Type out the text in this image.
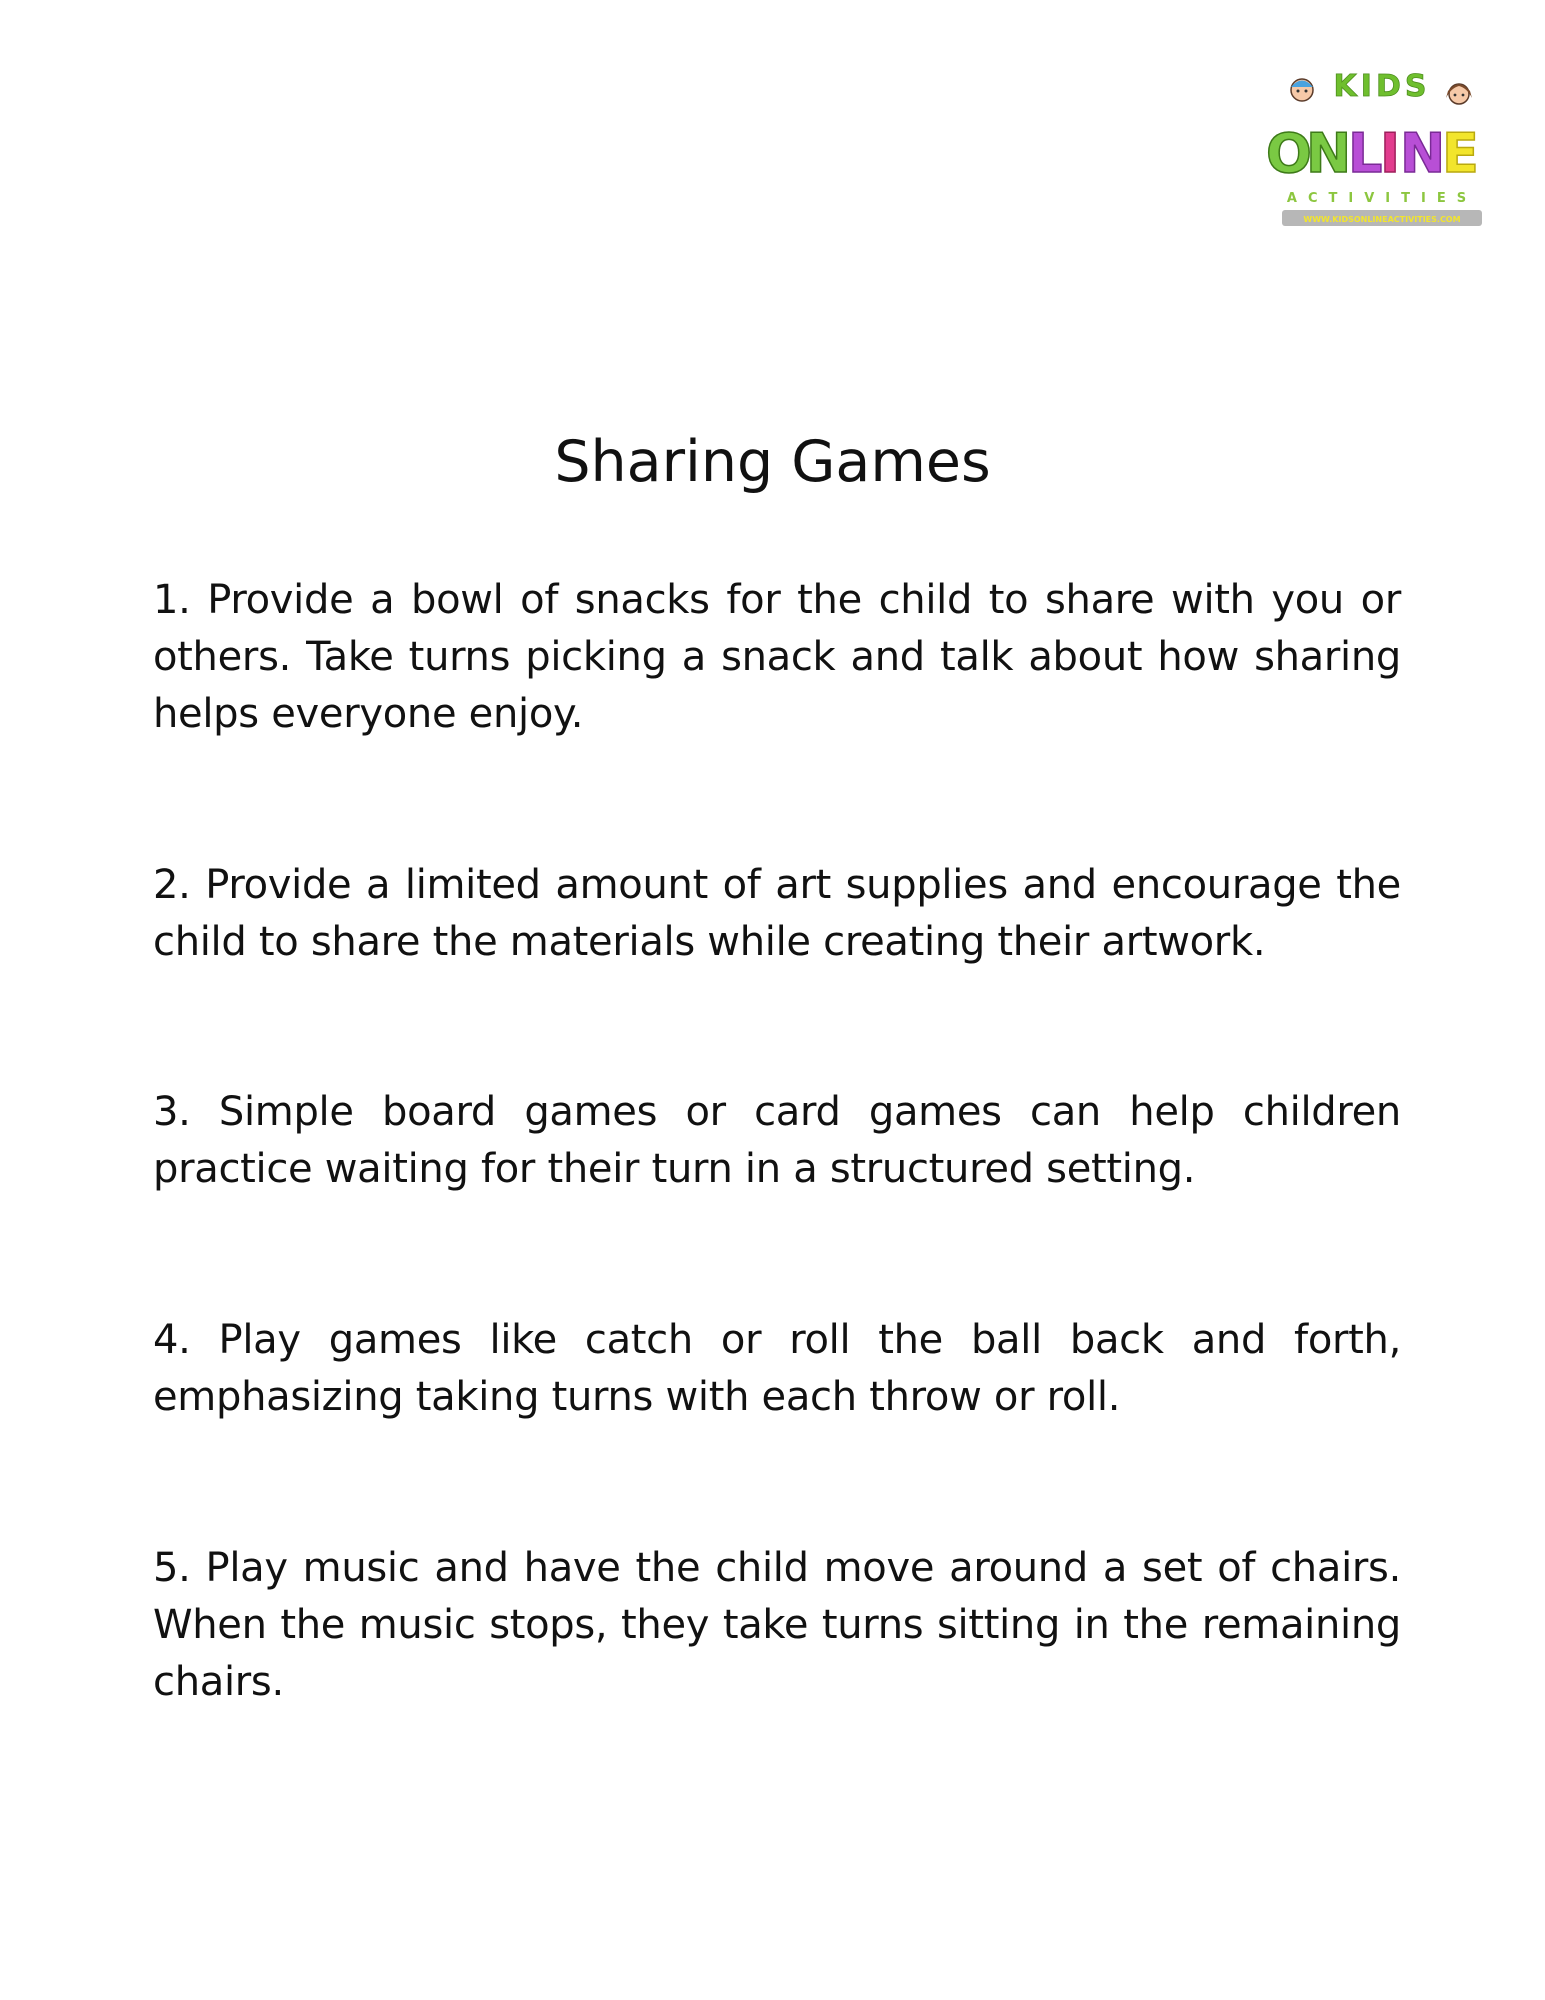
KIDS
O
N
L
I N
E
ACTIVITIES
WWW.KIDSONLINEACTIVITIES.COM
Sharing Games

1. Provide a bowl of snacks for the child to share with you or others. Take turns picking a snack and talk about how sharing helps everyone enjoy.

2. Provide a limited amount of art supplies and encourage the child to share the materials while creating their artwork.

3. Simple board games or card games can help children practice waiting for their turn in a structured setting.

4. Play games like catch or roll the ball back and forth, emphasizing taking turns with each throw or roll.

5. Play music and have the child move around a set of chairs. When the music stops, they take turns sitting in the remaining chairs.
